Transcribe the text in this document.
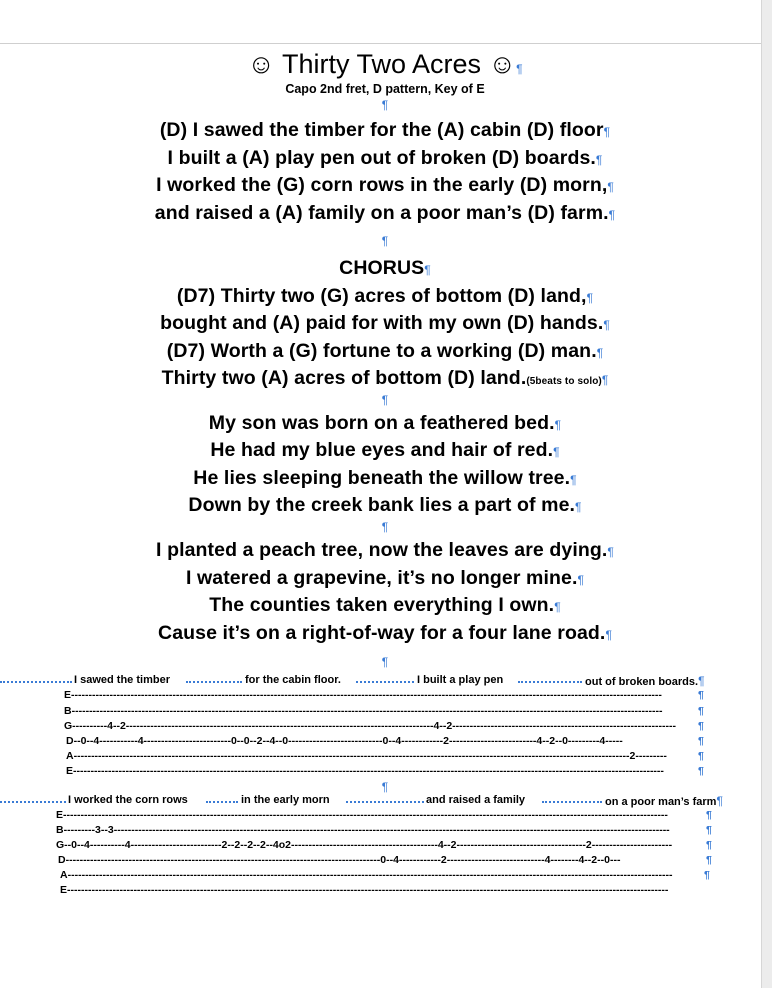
☺ Thirty Two Acres ☺¶
Capo 2nd fret, D pattern, Key of E
¶
(D) I sawed the timber for the (A) cabin (D) floor¶
I built a (A) play pen out of broken (D) boards.¶
I worked the (G) corn rows in the early (D) morn,¶
and raised a (A) family on a poor man’s (D) farm.¶
¶
CHORUS¶
(D7) Thirty two (G) acres of bottom (D) land,¶
bought and (A) paid for with my own (D) hands.¶
(D7) Worth a (G) fortune to a working (D) man.¶
Thirty two (A) acres of bottom (D) land.(5beats to solo)¶
¶
My son was born on a feathered bed.¶
He had my blue eyes and hair of red.¶
He lies sleeping beneath the willow tree.¶
Down by the creek bank lies a part of me.¶
¶
I planted a peach tree, now the leaves are dying.¶
I watered a grapevine, it’s no longer mine.¶
The counties taken everything I own.¶
Cause it’s on a right-of-way for a four lane road.¶
¶
I sawed the timber	for the cabin floor.	I built a play pen	out of broken boards.¶
E-------------------------------------------------------------------------------------------------------------------------------------------------------------------------	¶
B-------------------------------------------------------------------------------------------------------------------------------------------------------------------------	¶
G----------4--2----------------------------------------------------------------------------------------4--2----------------------------------------------------------------	¶
D--0--4-----------4-------------------------0--0--2--4--0---------------------------0--4------------2-------------------------4--2--0---------4-----	¶
A---------------------------------------------------------------------------------------------------------------------------------------------------------------2---------	¶
E-------------------------------------------------------------------------------------------------------------------------------------------------------------------------	¶
¶
I worked the corn rows	in the early morn	and raised a family	on a poor man’s farm¶
E-----------------------------------------------------------------------------------------------------------------------------------------------------------------------------	¶
B---------3--3---------------------------------------------------------------------------------------------------------------------------------------------------------------	¶
G--0--4----------4--------------------------2--2--2--2--4o2------------------------------------------4--2-------------------------------------2-----------------------	¶
D------------------------------------------------------------------------------------------0--4------------2----------------------------4--------4--2--0---	¶
A-----------------------------------------------------------------------------------------------------------------------------------------------------------------------------	¶
E----------------------------------------------------------------------------------------------------------------------------------------------------------------------------
